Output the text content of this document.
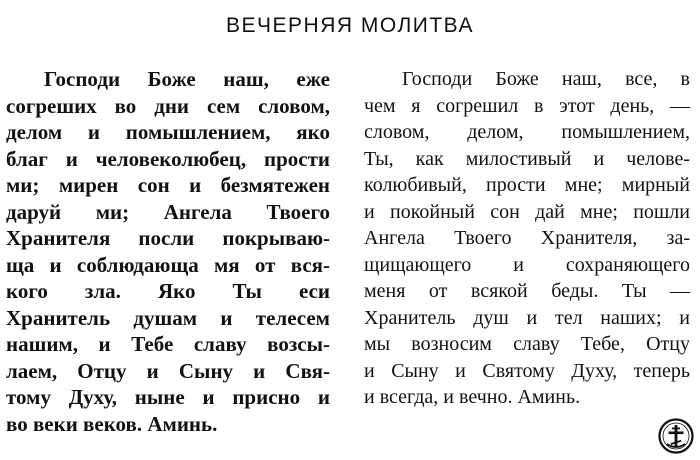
ВЕЧЕРНЯЯ МОЛИТВА
Господи Боже наш, еже
согреших во дни сем словом,
делом и помышлением, яко
благ и человеколюбец, прости
ми; мирен сон и безмятежен
даруй ми; Ангела Твоего
Хранителя посли покрываю-
ща и соблюдающа мя от вся-
кого зла. Яко Ты еси
Хранитель душам и телесем
нашим, и Тебе славу возсы-
лаем, Отцу и Сыну и Свя-
тому Духу, ныне и присно и
во веки веков. Аминь.
Господи Боже наш, все, в
чем я согрешил в этот день, —
словом, делом, помышлением,
Ты, как милостивый и челове-
колюбивый, прости мне; мирный
и покойный сон дай мне; пошли
Ангела Твоего Хранителя, за-
щищающего и сохраняющего
меня от всякой беды. Ты —
Хранитель душ и тел наших; и
мы возносим славу Тебе, Отцу
и Сыну и Святому Духу, теперь
и всегда, и вечно. Аминь.
